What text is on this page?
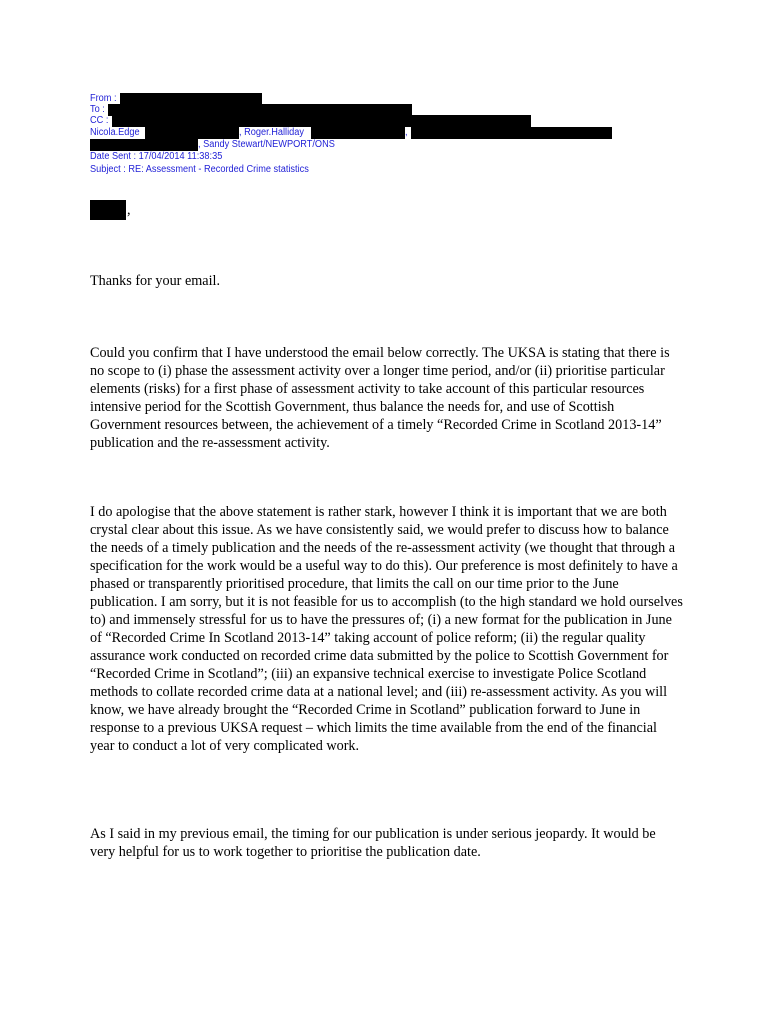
From :

To :

CC :

Nicola.Edge	, Roger.Halliday	,

, Sandy Stewart/NEWPORT/ONS

Date Sent : 17/04/2014 11:38:35

Subject : RE: Assessment - Recorded Crime statistics

,

Thanks for your email.

Could you confirm that I have understood the email below correctly. The UKSA is stating that there is no scope to (i) phase the assessment activity over a longer time period, and/or (ii) prioritise particular elements (risks) for a first phase of assessment activity to take account of this particular resources intensive period for the Scottish Government, thus balance the needs for, and use of Scottish Government resources between, the achievement of a timely “Recorded Crime in Scotland 2013-14” publication and the re-assessment activity.

I do apologise that the above statement is rather stark, however I think it is important that we are both crystal clear about this issue. As we have consistently said, we would prefer to discuss how to balance the needs of a timely publication and the needs of the re-assessment activity (we thought that through a specification for the work would be a useful way to do this). Our preference is most definitely to have a phased or transparently prioritised procedure, that limits the call on our time prior to the June publication. I am sorry, but it is not feasible for us to accomplish (to the high standard we hold ourselves to) and immensely stressful for us to have the pressures of; (i) a new format for the publication in June of “Recorded Crime In Scotland 2013-14” taking account of police reform; (ii) the regular quality assurance work conducted on recorded crime data submitted by the police to Scottish Government for “Recorded Crime in Scotland”; (iii) an expansive technical exercise to investigate Police Scotland methods to collate recorded crime data at a national level; and (iii) re-assessment activity. As you will know, we have already brought the “Recorded Crime in Scotland” publication forward to June in response to a previous UKSA request – which limits the time available from the end of the financial year to conduct a lot of very complicated work.

As I said in my previous email, the timing for our publication is under serious jeopardy. It would be very helpful for us to work together to prioritise the publication date.
